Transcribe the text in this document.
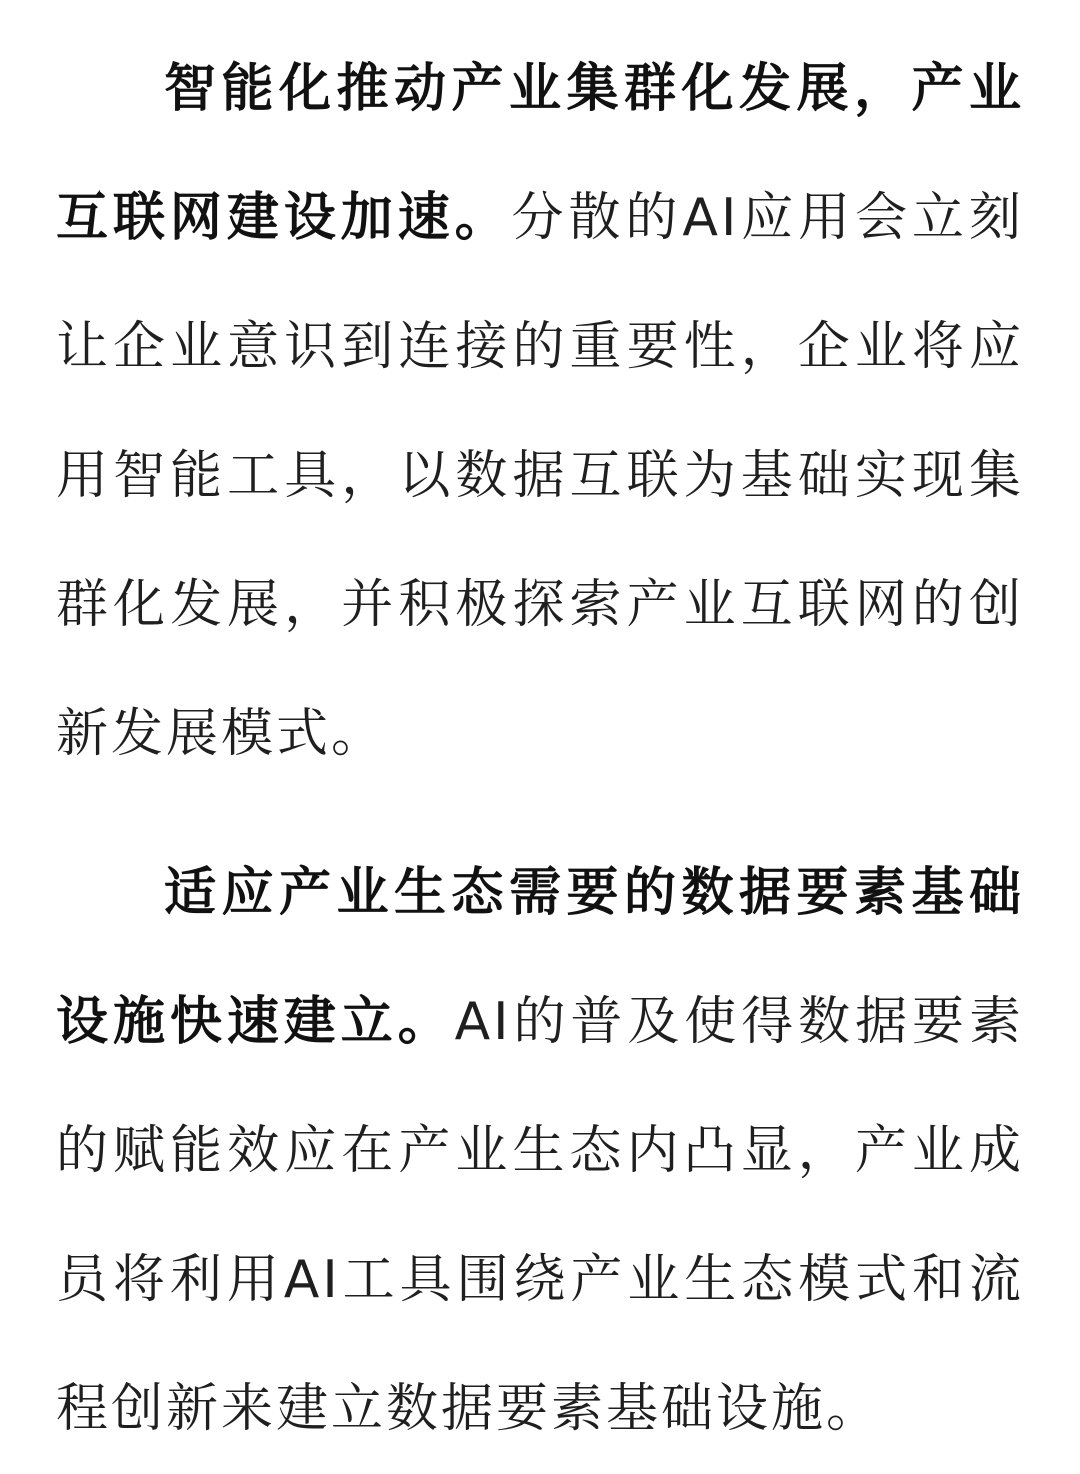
智能化推动产业集群化发展，产业互联网建设加速。分散的AI应用会立刻让企业意识到连接的重要性，企业将应用智能工具，以数据互联为基础实现集群化发展，并积极探索产业互联网的创新发展模式。

适应产业生态需要的数据要素基础设施快速建立。AI的普及使得数据要素的赋能效应在产业生态内凸显，产业成员将利用AI工具围绕产业生态模式和流程创新来建立数据要素基础设施。
